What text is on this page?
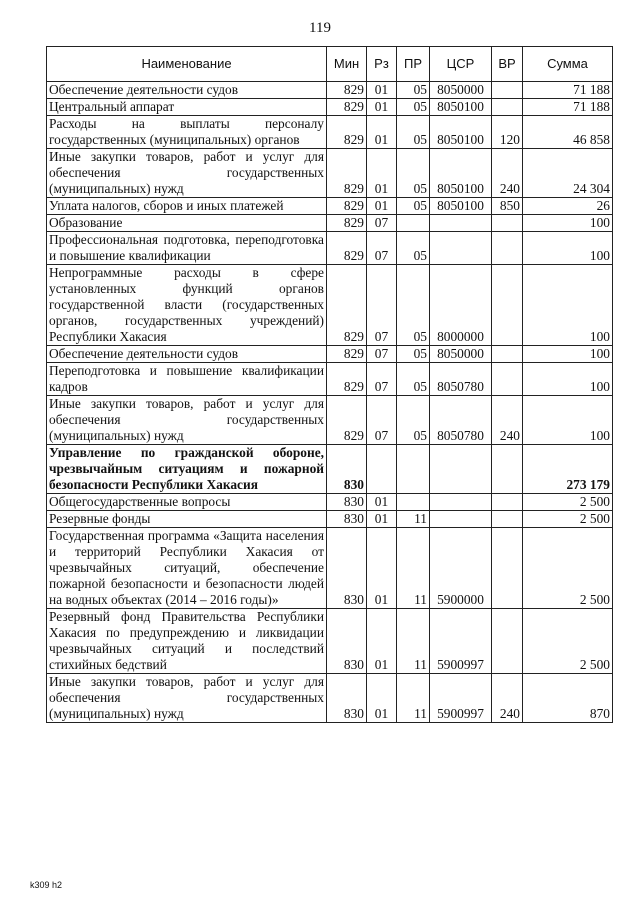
119
Наименование	Мин	Рз	ПР	ЦСР	ВР	Сумма
Обеспечение деятельности судов	829	01	05	8050000		71 188
Центральный аппарат	829	01	05	8050100		71 188
Расходы на выплаты персоналу государственных (муниципальных) органов	829	01	05	8050100	120	46 858
Иные закупки товаров, работ и услуг для обеспечения государственных (муниципальных) нужд	829	01	05	8050100	240	24 304
Уплата налогов, сборов и иных платежей	829	01	05	8050100	850	26
Образование	829	07				100
Профессиональная подготовка, переподготовка и повышение квалификации	829	07	05			100
Непрограммные расходы в сфере установленных функций органов государственной власти (государственных органов, государственных учреждений) Республики Хакасия	829	07	05	8000000		100
Обеспечение деятельности судов	829	07	05	8050000		100
Переподготовка и повышение квалификации кадров	829	07	05	8050780		100
Иные закупки товаров, работ и услуг для обеспечения государственных (муниципальных) нужд	829	07	05	8050780	240	100
Управление по гражданской обороне, чрезвычайным ситуациям и пожарной безопасности Республики Хакасия	830					273 179
Общегосударственные вопросы	830	01				2 500
Резервные фонды	830	01	11			2 500
Государственная программа «Защита населения и территорий Республики Хакасия от чрезвычайных ситуаций, обеспечение пожарной безопасности и безопасности людей на водных объектах (2014 – 2016 годы)»	830	01	11	5900000		2 500
Резервный фонд Правительства Республики Хакасия по предупреждению и ликвидации чрезвычайных ситуаций и последствий стихийных бедствий	830	01	11	5900997		2 500
Иные закупки товаров, работ и услуг для обеспечения государственных (муниципальных) нужд	830	01	11	5900997	240	870
k309 h2
